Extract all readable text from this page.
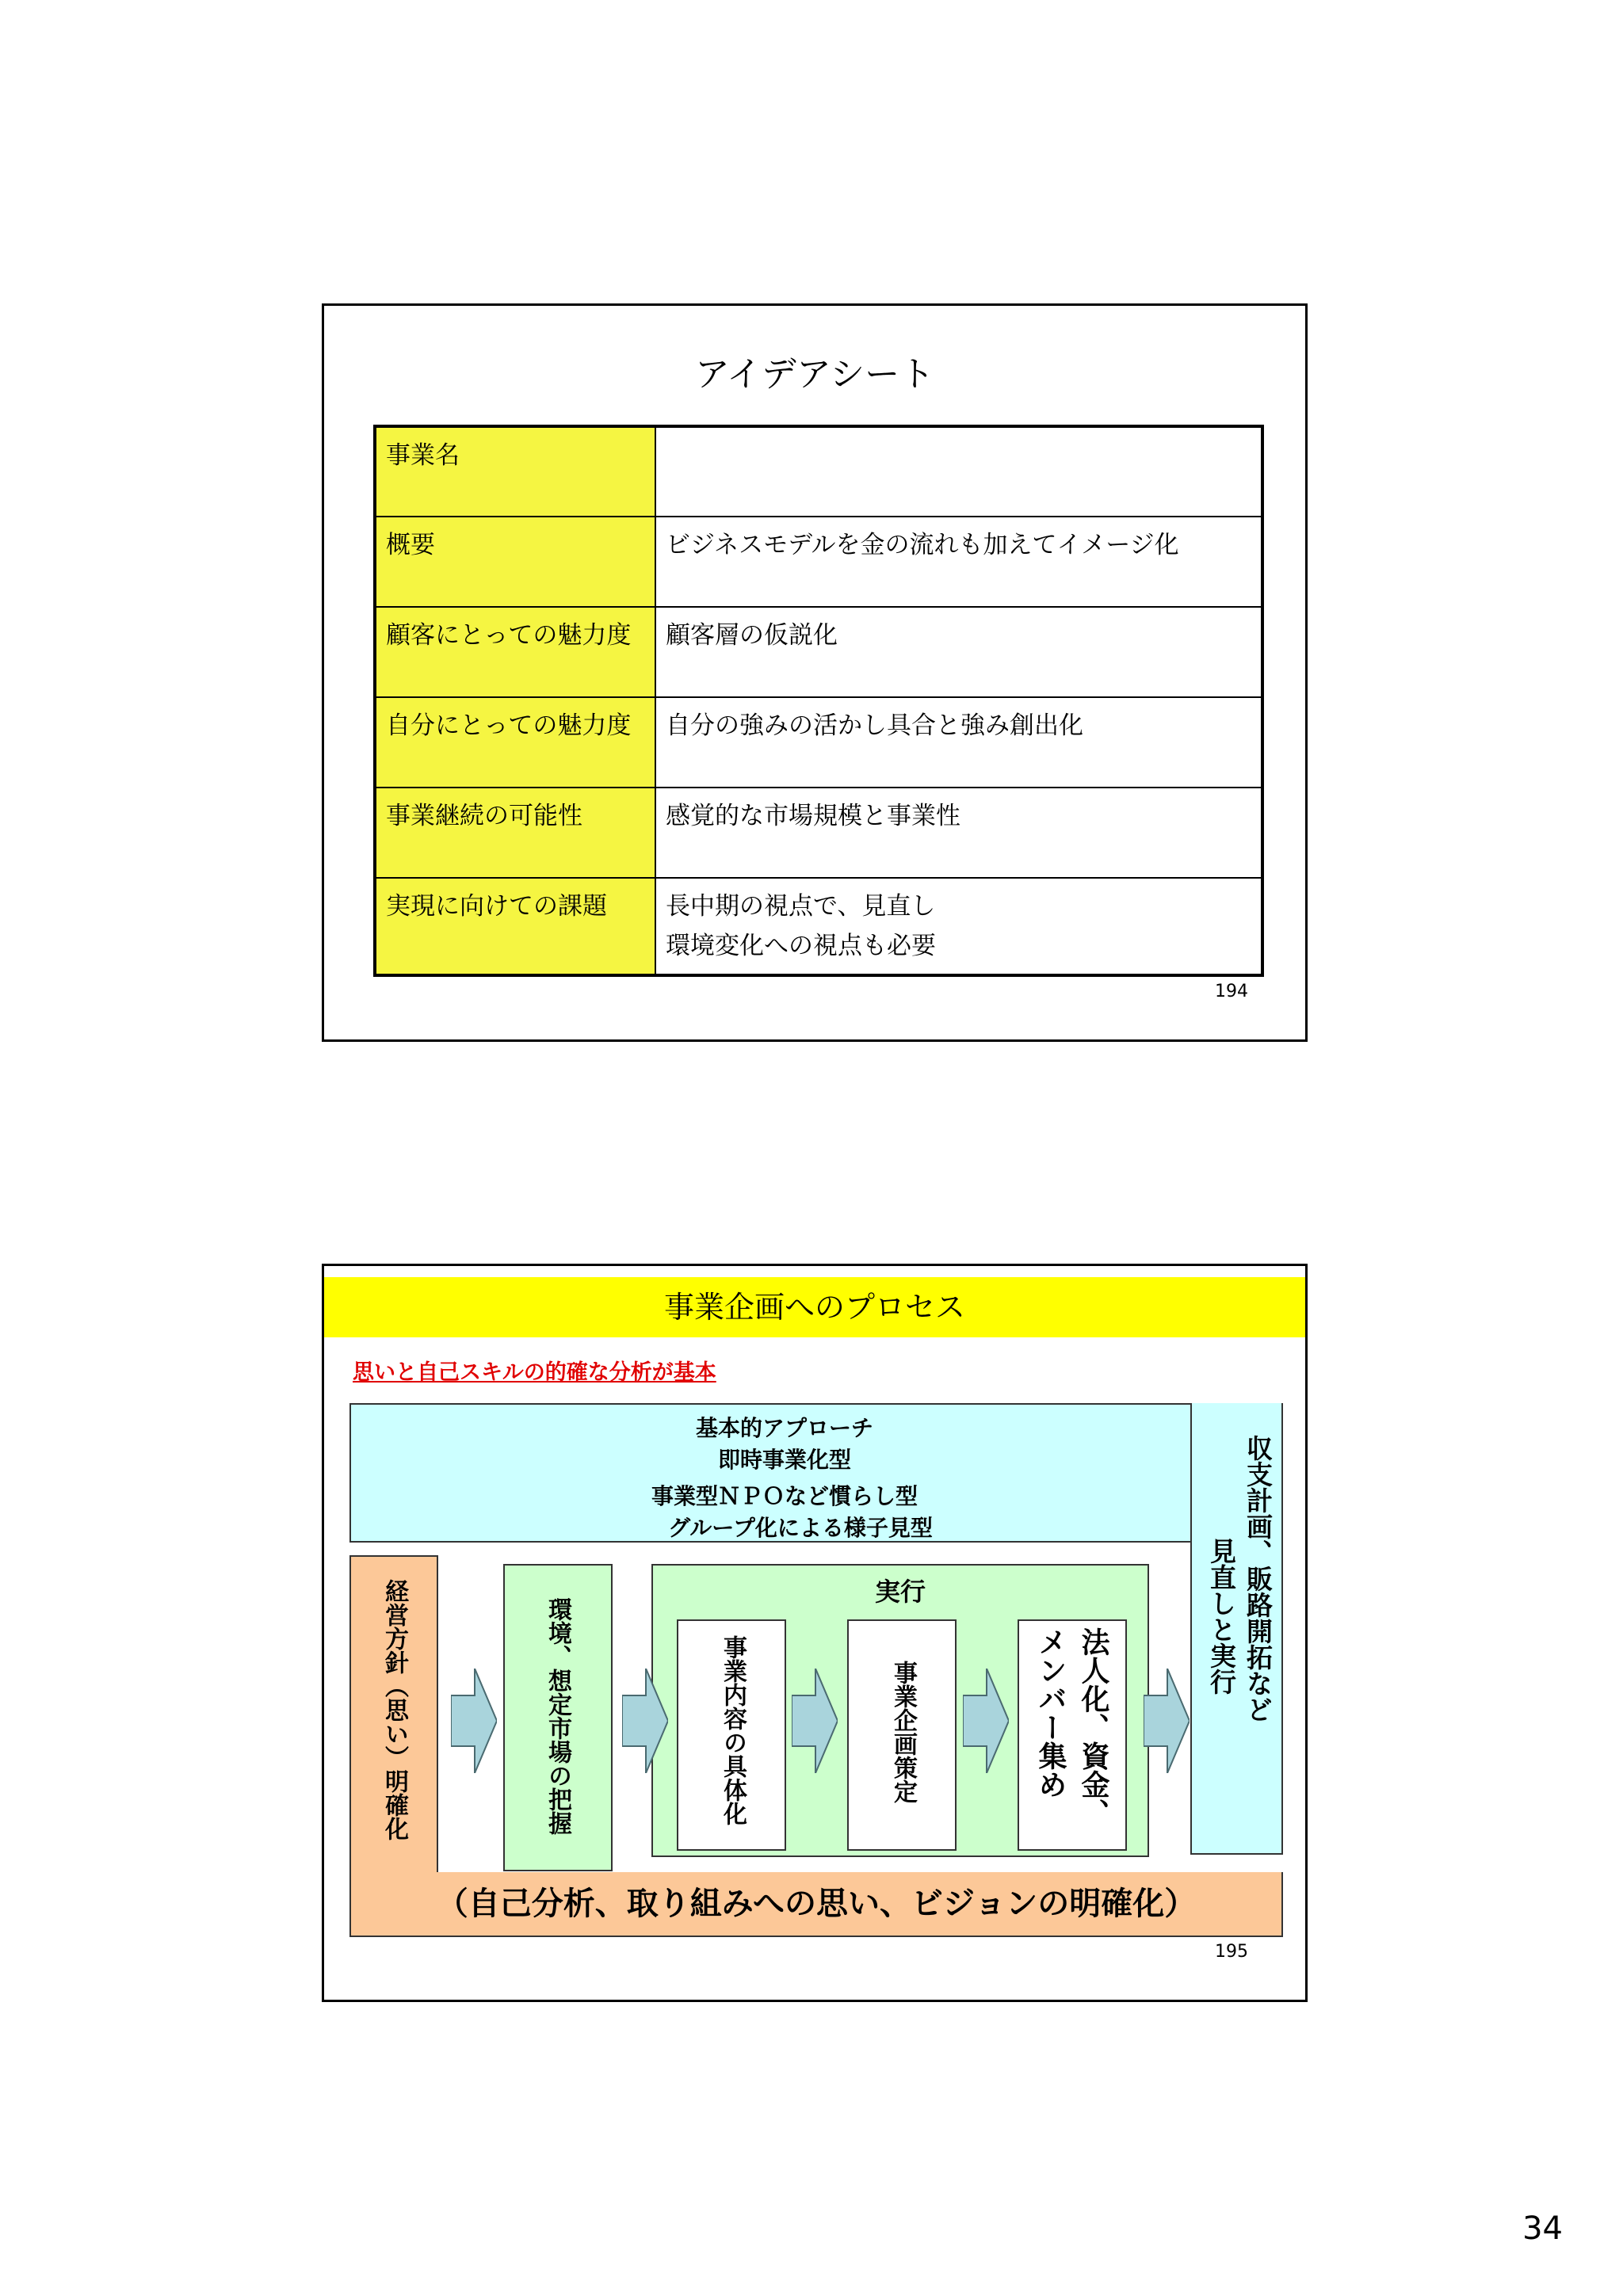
アイデアシート
事業名	
概要	ビジネスモデルを金の流れも加えてイメージ化
顧客にとっての魅力度	顧客層の仮説化
自分にとっての魅力度	自分の強みの活かし具合と強み創出化
事業継続の可能性	感覚的な市場規模と事業性
実現に向けての課題	長中期の視点で、見直し
環境変化への視点も必要
194
事業企画へのプロセス
思いと自己スキルの的確な分析が基本
基本的アプローチ
即時事業化型
事業型ＮＰＯなど慣らし型
グループ化による様子見型	収支計画、販路開拓など
見直しと実行
経営方針（思い）明確化
（自己分析、取り組みへの思い、ビジョンの明確化）
環境、想定市場の把握
実行
事業内容の具体化	事業企画策定	法人化、資金、メンバー集め
195
34
